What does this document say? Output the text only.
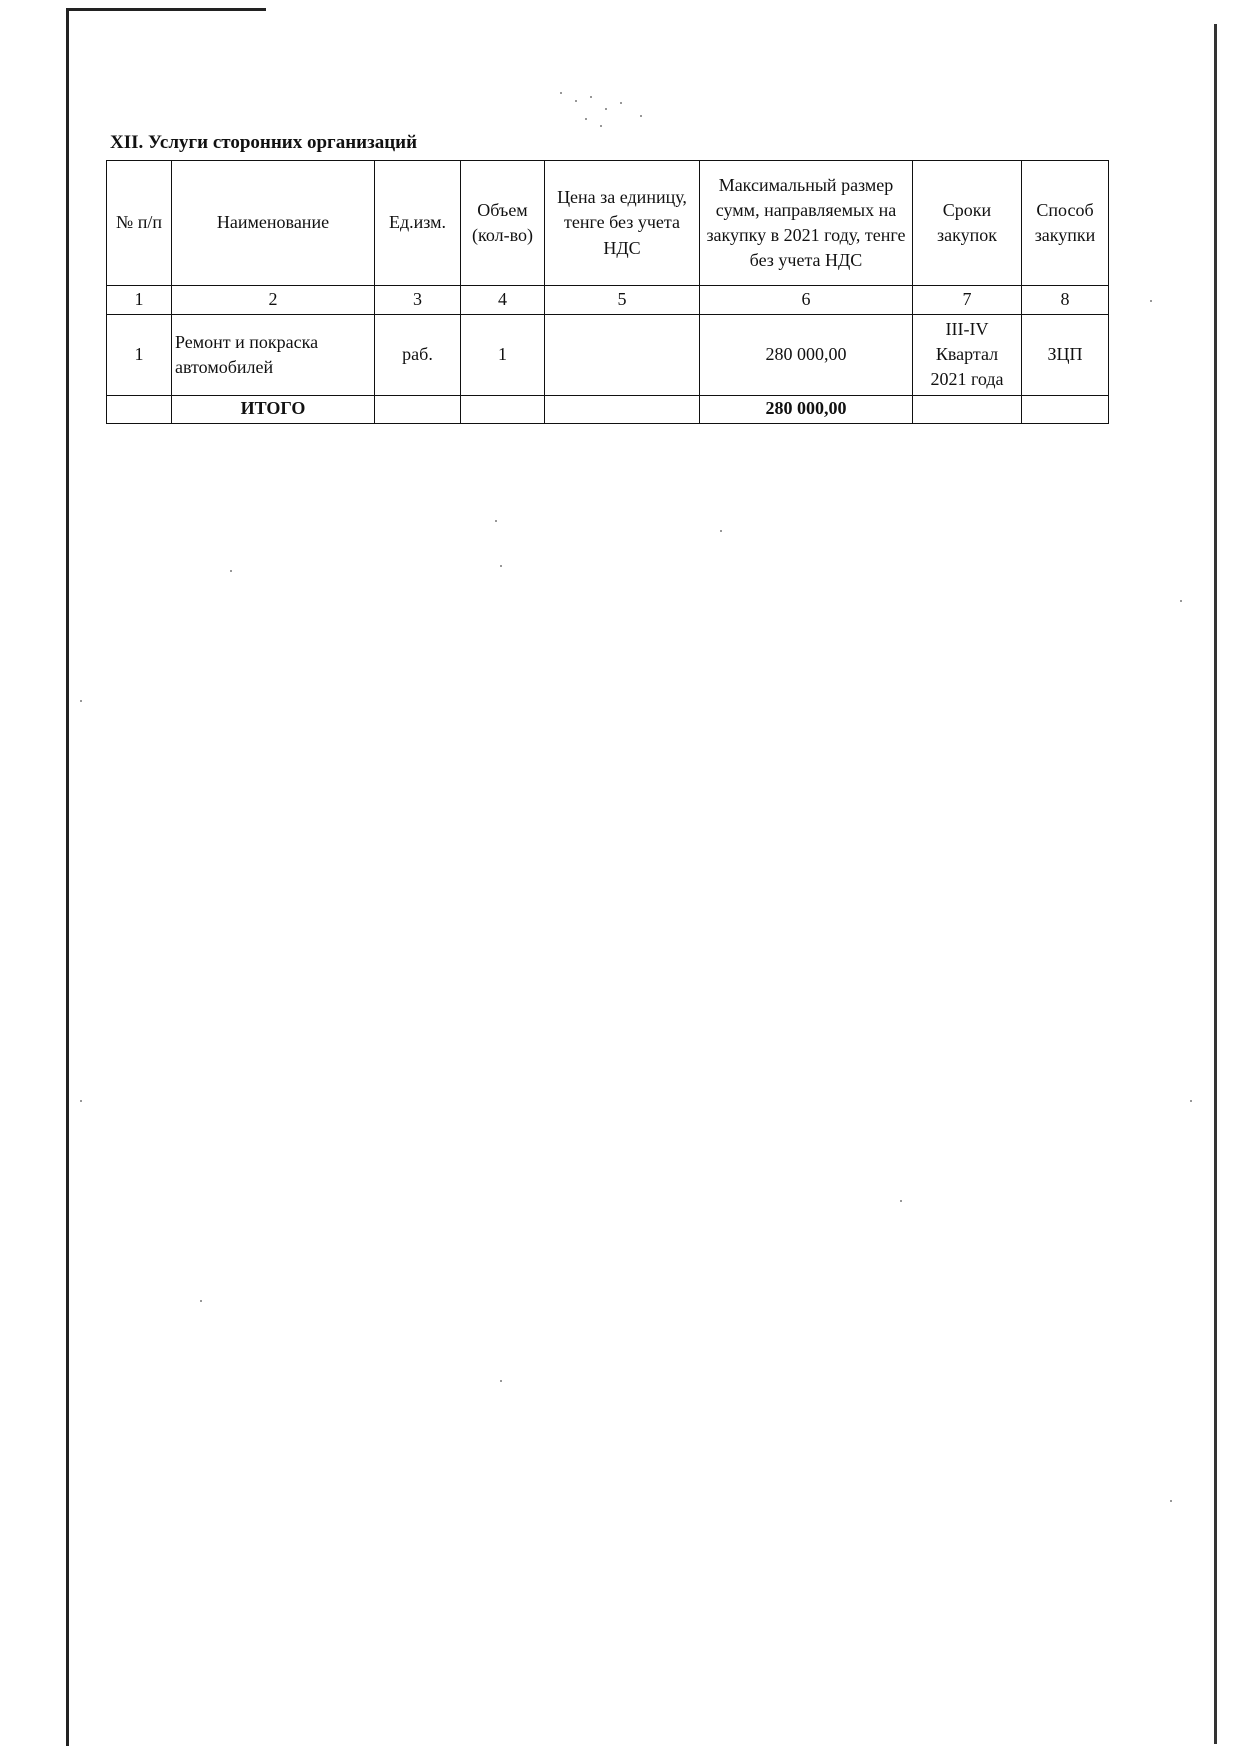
XII. Услуги сторонних организаций
№ п/п	Наименование	Ед.изм.	Объем (кол-во)	Цена за единицу, тенге без учета НДС	Максимальный размер сумм, направляемых на закупку в 2021 году, тенге без учета НДС	Сроки закупок	Способ закупки
1	2	3	4	5	6	7	8
1	Ремонт и покраска автомобилей	раб.	1		280 000,00	III-IV Квартал 2021 года	ЗЦП
	ИТОГО				280 000,00		
